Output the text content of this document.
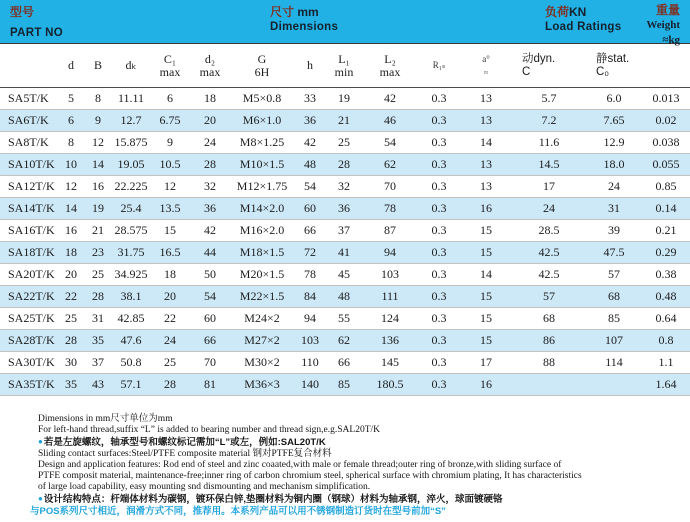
型号
PART NO
尺寸 mm
Dimensions
负荷KN
Load Ratings
重量
Weight
≈kg

	d	B	dₖ	C₁
max	d₂
max	G
6H	h	L₁
min	L₂
max	R₁ₛ	a°
≈	动dyn.
C	静stat.
C₀	

SA5T/K	5	8	11.11	6	18	M5×0.8	33	19	42	0.3	13	5.7	6.0	0.013
SA6T/K	6	9	12.7	6.75	20	M6×1.0	36	21	46	0.3	13	7.2	7.65	0.02
SA8T/K	8	12	15.875	9	24	M8×1.25	42	25	54	0.3	14	11.6	12.9	0.038
SA10T/K	10	14	19.05	10.5	28	M10×1.5	48	28	62	0.3	13	14.5	18.0	0.055
SA12T/K	12	16	22.225	12	32	M12×1.75	54	32	70	0.3	13	17	24	0.85
SA14T/K	14	19	25.4	13.5	36	M14×2.0	60	36	78	0.3	16	24	31	0.14
SA16T/K	16	21	28.575	15	42	M16×2.0	66	37	87	0.3	15	28.5	39	0.21
SA18T/K	18	23	31.75	16.5	44	M18×1.5	72	41	94	0.3	15	42.5	47.5	0.29
SA20T/K	20	25	34.925	18	50	M20×1.5	78	45	103	0.3	14	42.5	57	0.38
SA22T/K	22	28	38.1	20	54	M22×1.5	84	48	111	0.3	15	57	68	0.48
SA25T/K	25	31	42.85	22	60	M24×2	94	55	124	0.3	15	68	85	0.64
SA28T/K	28	35	47.6	24	66	M27×2	103	62	136	0.3	15	86	107	0.8
SA30T/K	30	37	50.8	25	70	M30×2	110	66	145	0.3	17	88	114	1.1
SA35T/K	35	43	57.1	28	81	M36×3	140	85	180.5	0.3	16			1.64
Dimensions in mm尺寸单位为mm
For left-hand thread,suffix “L” is added to bearing number and thread sign,e.g.SAL20T/K
●若是左旋螺纹，轴承型号和螺纹标记需加“L”或左，例如:SAL20T/K
Sliding contact surfaces:Steel/PTFE composite material 钢对PTFE复合材料
Design and application features: Rod end of steel and zinc coaated,with male or female thread;outer ring of bronze,with sliding surface of
PTFE composit material, maintenance-free;inner ring of carbon chromium steel, spherical surface with chromium plating, It has characteristics
of large load capability, easy mounting snd dismounting and mechanism simplification.
●设计结构特点：杆端体材料为碳钢，镀环保白锌,垫圈材料为铜内圈（钢球）材料为轴承钢，淬火，球面镀硬铬
与POS系列尺寸相近，润滑方式不同，推荐用。本系列产品可以用不锈钢制造订货时在型号前加“S”
